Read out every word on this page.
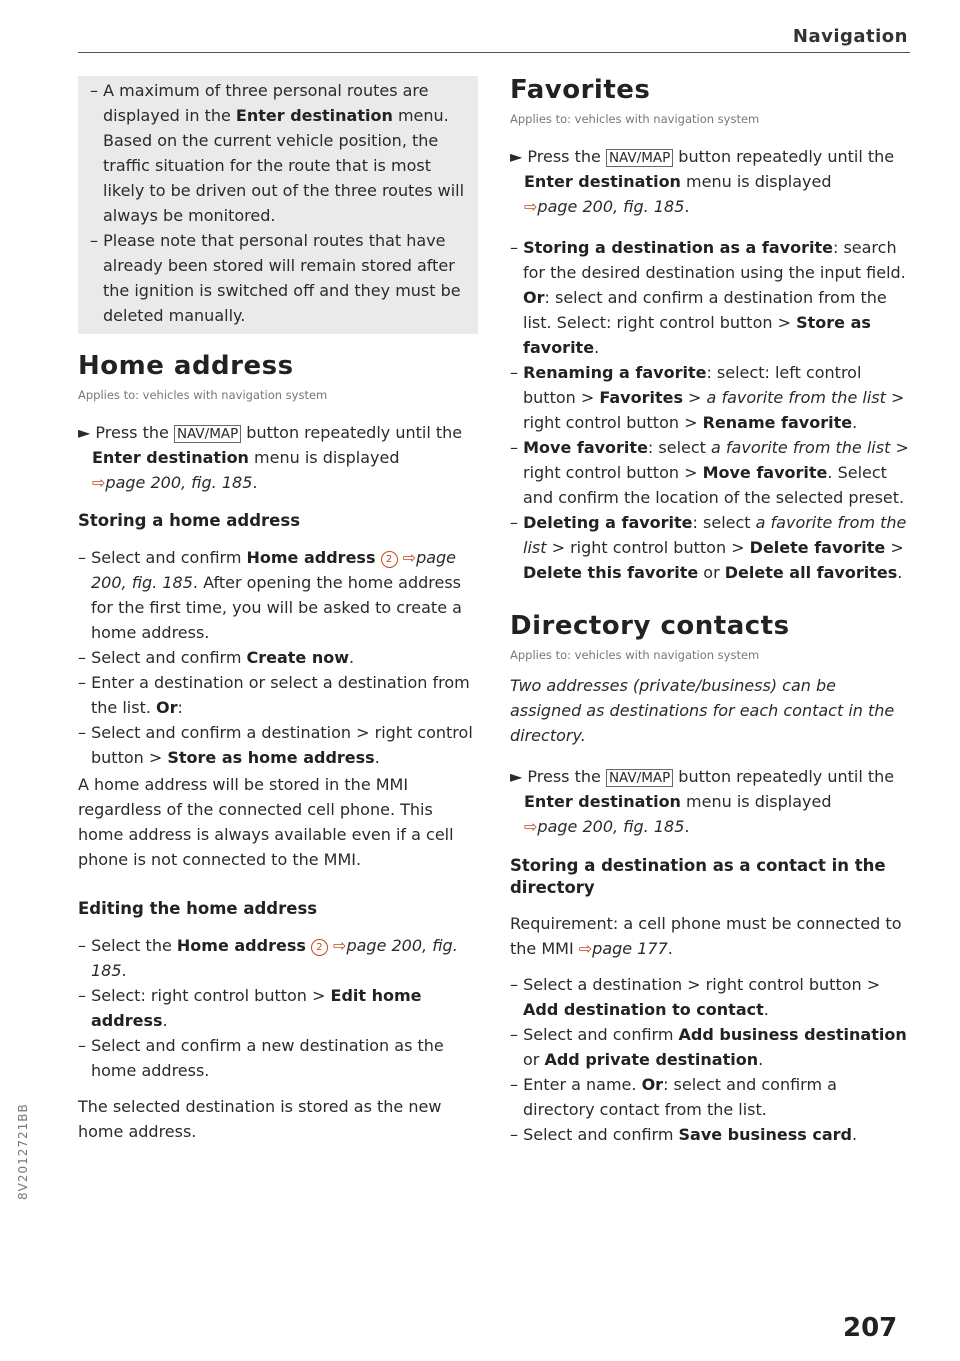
Navigation
– A maximum of three personal routes are displayed in the Enter destination menu. Based on the current vehicle position, the traffic situation for the route that is most likely to be driven out of the three routes will always be monitored.
– Please note that personal routes that have already been stored will remain stored after the ignition is switched off and they must be deleted manually.
Home address
Applies to: vehicles with navigation system
► Press the NAV/MAP button repeatedly until the Enter destination menu is displayed
⇨page 200, fig. 185.
Storing a home address
– Select and confirm Home address 2 ⇨page 200, fig. 185. After opening the home address for the first time, you will be asked to create a home address.
– Select and confirm Create now.
– Enter a destination or select a destination from the list. Or:
– Select and confirm a destination > right control button > Store as home address.

A home address will be stored in the MMI regardless of the connected cell phone. This home address is always available even if a cell phone is not connected to the MMI.

Editing the home address
– Select the Home address 2 ⇨page 200, fig. 185.
– Select: right control button > Edit home address.
– Select and confirm a new destination as the home address.

The selected destination is stored as the new home address.

Favorites
Applies to: vehicles with navigation system
► Press the NAV/MAP button repeatedly until the Enter destination menu is displayed
⇨page 200, fig. 185.
– Storing a destination as a favorite: search for the desired destination using the input field. Or: select and confirm a destination from the list. Select: right control button > Store as favorite.
– Renaming a favorite: select: left control button > Favorites > a favorite from the list > right control button > Rename favorite.
– Move favorite: select a favorite from the list > right control button > Move favorite. Select and confirm the location of the selected preset.
– Deleting a favorite: select a favorite from the list > right control button > Delete favorite > Delete this favorite or Delete all favorites.
Directory contacts
Applies to: vehicles with navigation system

Two addresses (private/business) can be assigned as destinations for each contact in the directory.

► Press the NAV/MAP button repeatedly until the Enter destination menu is displayed
⇨page 200, fig. 185.
Storing a destination as a contact in the directory

Requirement: a cell phone must be connected to the MMI ⇨page 177.

– Select a destination > right control button > Add destination to contact.
– Select and confirm Add business destination or Add private destination.
– Enter a name. Or: select and confirm a directory contact from the list.
– Select and confirm Save business card.
8V2012721BB
207
